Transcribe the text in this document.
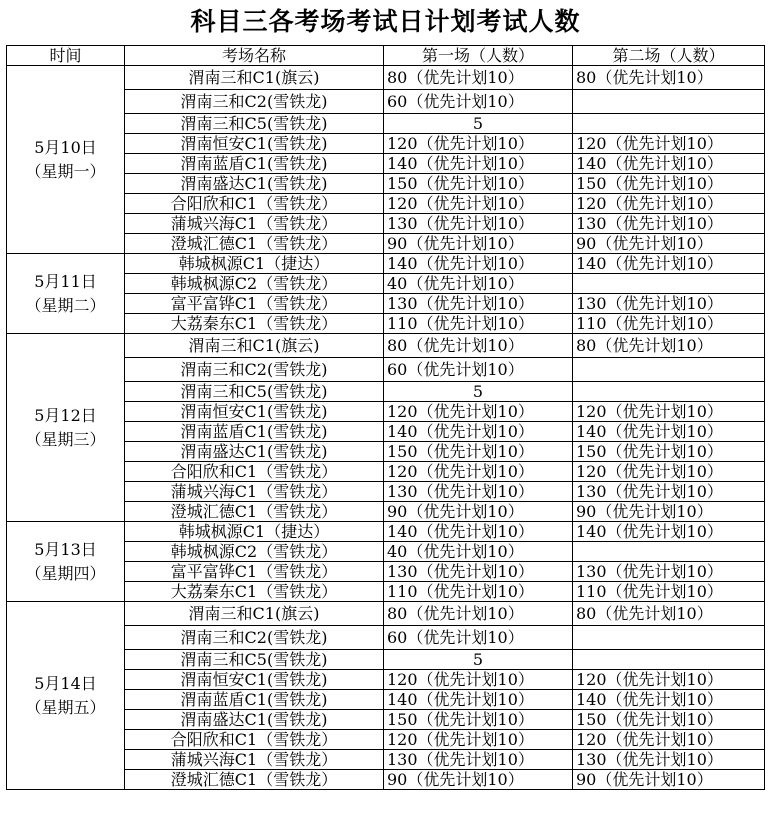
科目三各考场考试日计划考试人数
时间	考场名称	第一场（人数）	第二场（人数）

5月10日
（星期一）	渭南三和C1(旗云)	80（优先计划10）	80（优先计划10）
	渭南三和C2(雪铁龙)	60（优先计划10）	
	渭南三和C5(雪铁龙)	5	
	渭南恒安C1(雪铁龙)	120（优先计划10）	120（优先计划10）
	渭南蓝盾C1(雪铁龙)	140（优先计划10）	140（优先计划10）
	渭南盛达C1(雪铁龙)	150（优先计划10）	150（优先计划10）
	合阳欣和C1（雪铁龙）	120（优先计划10）	120（优先计划10）
	蒲城兴海C1（雪铁龙）	130（优先计划10）	130（优先计划10）
	澄城汇德C1（雪铁龙）	90（优先计划10）	90（优先计划10）

5月11日
（星期二）	韩城枫源C1（捷达）	140（优先计划10）	140（优先计划10）
	韩城枫源C2（雪铁龙）	40（优先计划10）	
	富平富铧C1（雪铁龙）	130（优先计划10）	130（优先计划10）
	大荔秦东C1（雪铁龙）	110（优先计划10）	110（优先计划10）

5月12日
（星期三）	渭南三和C1(旗云)	80（优先计划10）	80（优先计划10）
	渭南三和C2(雪铁龙)	60（优先计划10）	
	渭南三和C5(雪铁龙)	5	
	渭南恒安C1(雪铁龙)	120（优先计划10）	120（优先计划10）
	渭南蓝盾C1(雪铁龙)	140（优先计划10）	140（优先计划10）
	渭南盛达C1(雪铁龙)	150（优先计划10）	150（优先计划10）
	合阳欣和C1（雪铁龙）	120（优先计划10）	120（优先计划10）
	蒲城兴海C1（雪铁龙）	130（优先计划10）	130（优先计划10）
	澄城汇德C1（雪铁龙）	90（优先计划10）	90（优先计划10）

5月13日
（星期四）	韩城枫源C1（捷达）	140（优先计划10）	140（优先计划10）
	韩城枫源C2（雪铁龙）	40（优先计划10）	
	富平富铧C1（雪铁龙）	130（优先计划10）	130（优先计划10）
	大荔秦东C1（雪铁龙）	110（优先计划10）	110（优先计划10）

5月14日
（星期五）	渭南三和C1(旗云)	80（优先计划10）	80（优先计划10）
	渭南三和C2(雪铁龙)	60（优先计划10）	
	渭南三和C5(雪铁龙)	5	
	渭南恒安C1(雪铁龙)	120（优先计划10）	120（优先计划10）
	渭南蓝盾C1(雪铁龙)	140（优先计划10）	140（优先计划10）
	渭南盛达C1(雪铁龙)	150（优先计划10）	150（优先计划10）
	合阳欣和C1（雪铁龙）	120（优先计划10）	120（优先计划10）
	蒲城兴海C1（雪铁龙）	130（优先计划10）	130（优先计划10）
	澄城汇德C1（雪铁龙）	90（优先计划10）	90（优先计划10）
